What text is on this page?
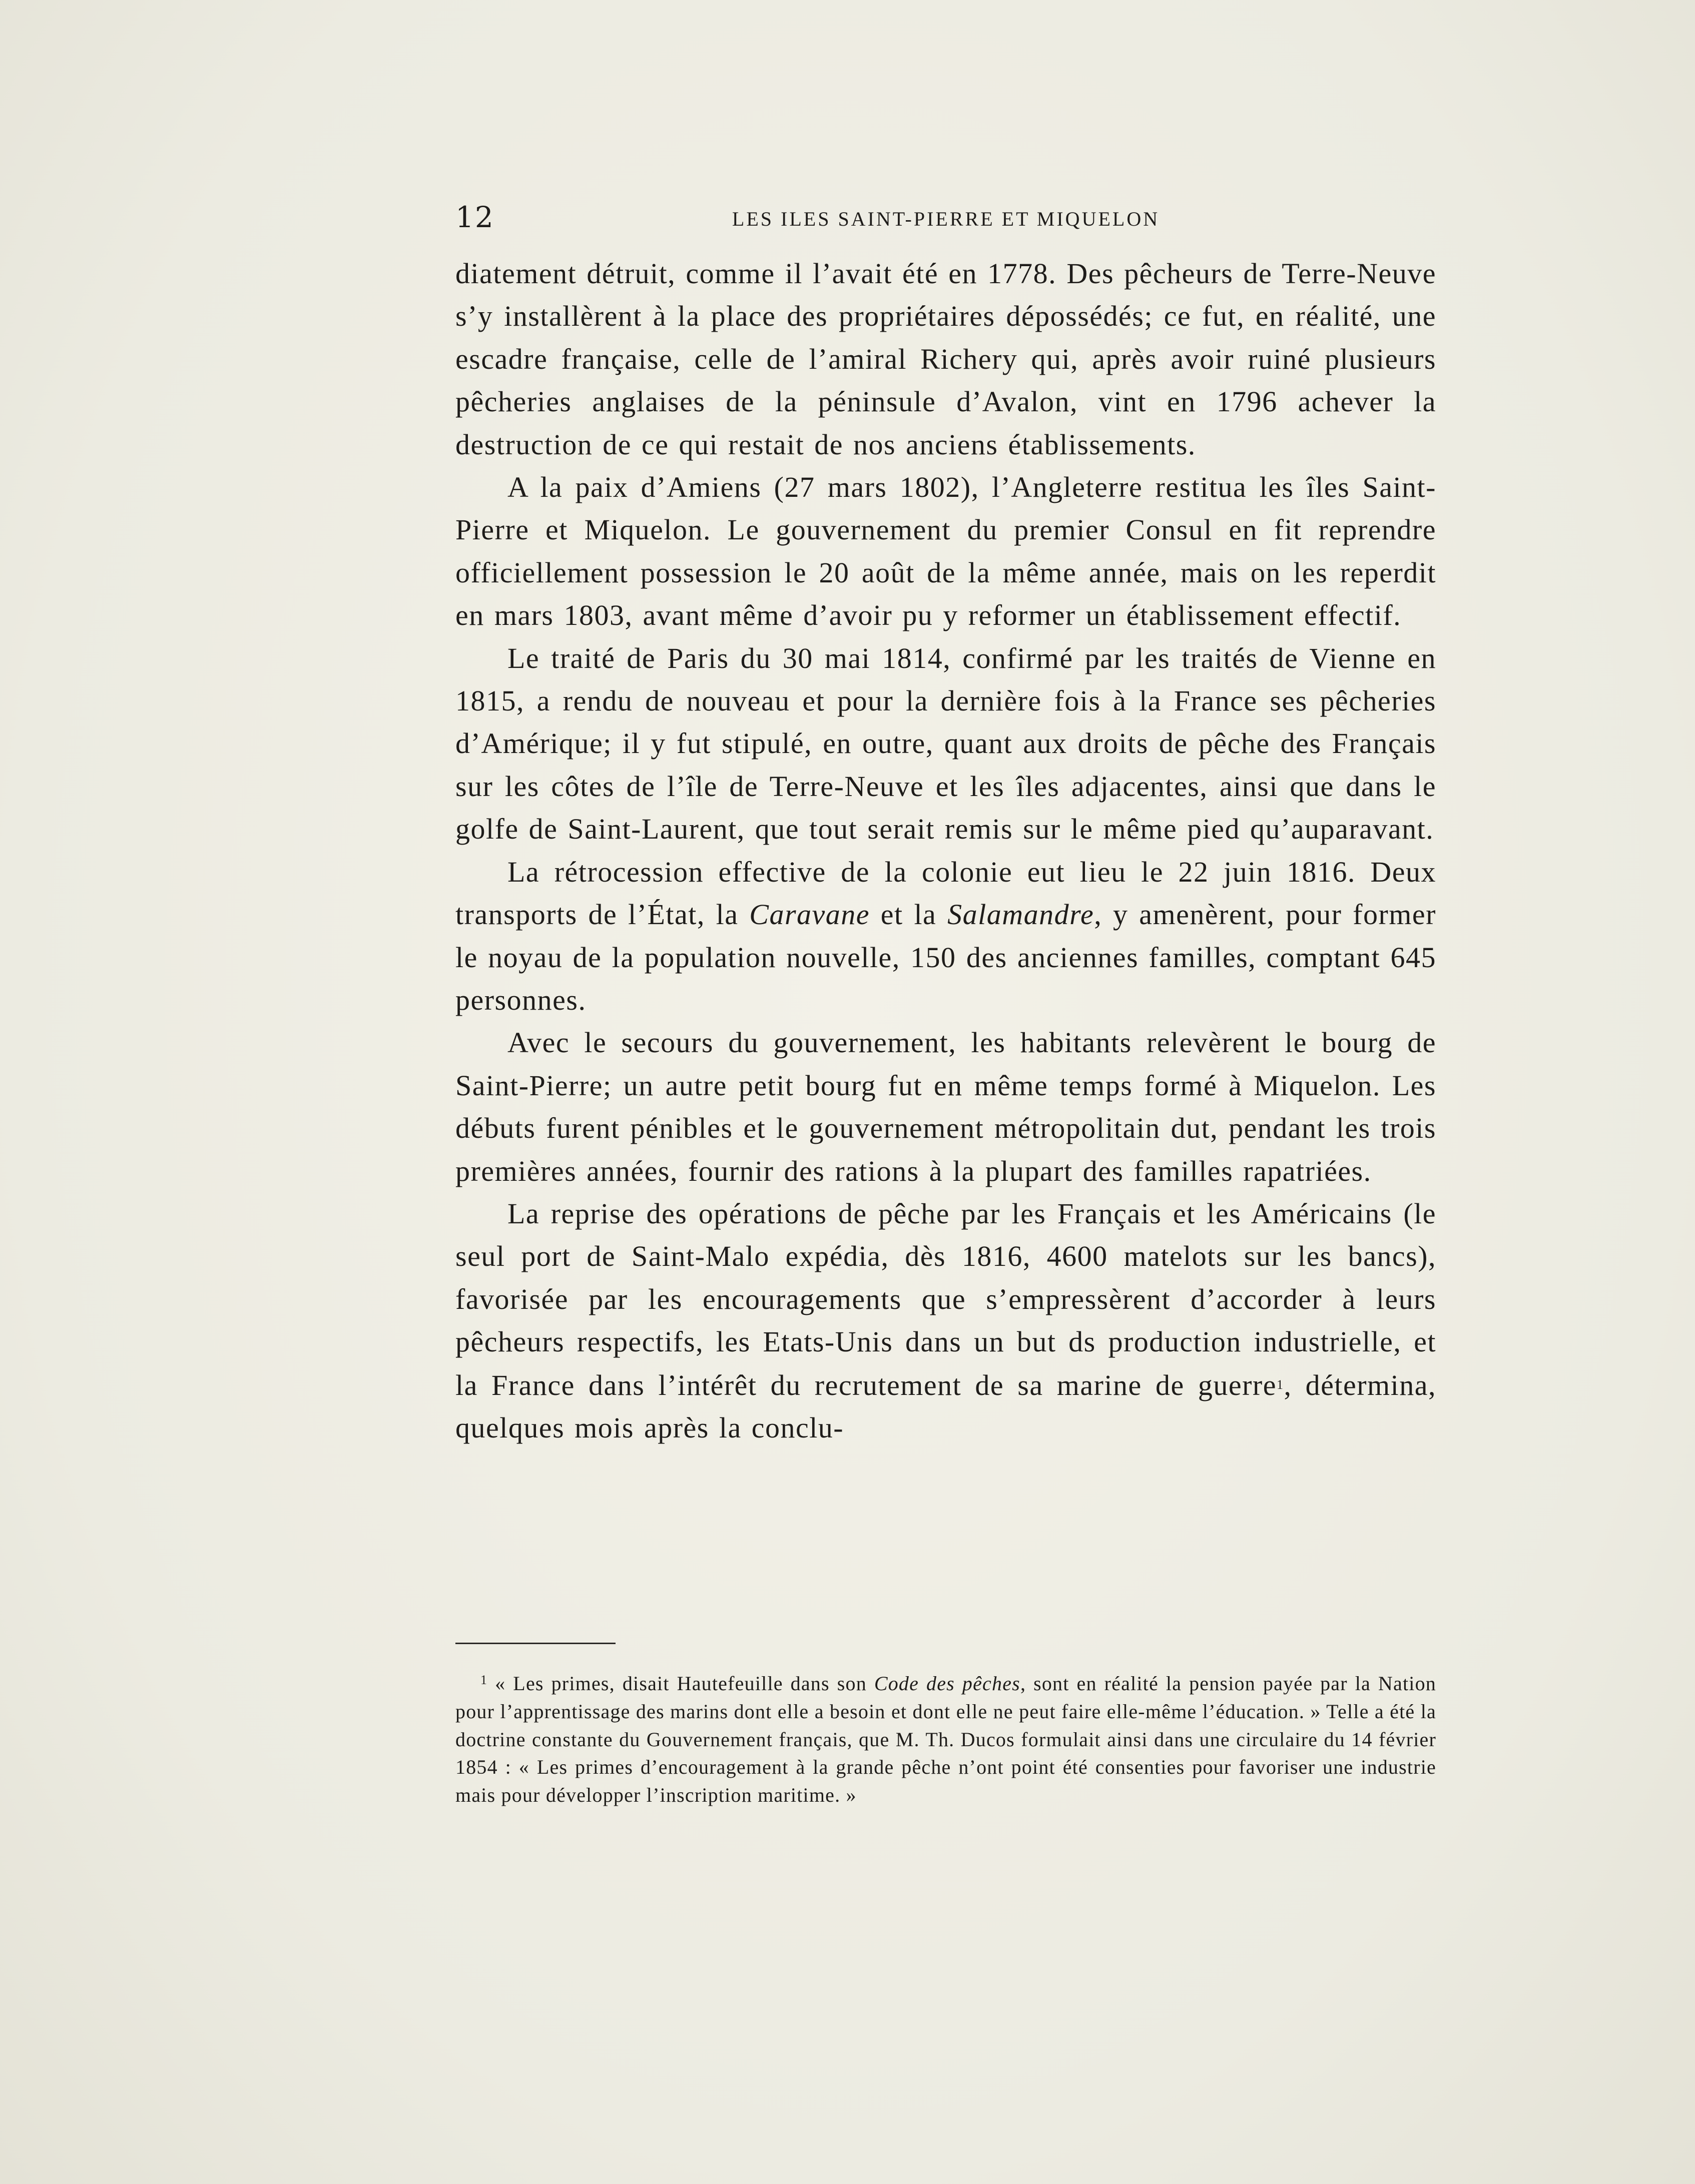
12	LES ILES SAINT-PIERRE ET MIQUELON

diatement détruit, comme il l’avait été en 1778. Des pêcheurs de Terre-Neuve s’y installèrent à la place des propriétaires dépossédés; ce fut, en réalité, une escadre française, celle de l’amiral Richery qui, après avoir ruiné plusieurs pêcheries anglaises de la péninsule d’Avalon, vint en 1796 achever la destruction de ce qui restait de nos anciens établissements.

A la paix d’Amiens (27 mars 1802), l’Angleterre restitua les îles Saint-Pierre et Miquelon. Le gouvernement du premier Consul en fit reprendre officiellement possession le 20 août de la même année, mais on les reperdit en mars 1803, avant même d’avoir pu y reformer un établissement effectif.

Le traité de Paris du 30 mai 1814, confirmé par les traités de Vienne en 1815, a rendu de nouveau et pour la dernière fois à la France ses pêcheries d’Amérique; il y fut stipulé, en outre, quant aux droits de pêche des Français sur les côtes de l’île de Terre-Neuve et les îles adjacentes, ainsi que dans le golfe de Saint-Laurent, que tout serait remis sur le même pied qu’auparavant.

La rétrocession effective de la colonie eut lieu le 22 juin 1816. Deux transports de l’État, la Caravane et la Salamandre, y amenèrent, pour former le noyau de la population nouvelle, 150 des anciennes familles, comptant 645 personnes.

Avec le secours du gouvernement, les habitants relevèrent le bourg de Saint-Pierre; un autre petit bourg fut en même temps formé à Miquelon. Les débuts furent pénibles et le gouvernement métropolitain dut, pendant les trois premières années, fournir des rations à la plupart des familles rapatriées.

La reprise des opérations de pêche par les Français et les Américains (le seul port de Saint-Malo expédia, dès 1816, 4600 matelots sur les bancs), favorisée par les encouragements que s’empressèrent d’accorder à leurs pêcheurs respectifs, les Etats-Unis dans un but ds production industrielle, et la France dans l’intérêt du recrutement de sa marine de guerre$^1$, détermina, quelques mois après la conclu-

$^1$ « Les primes, disait Hautefeuille dans son Code des pêches, sont en réalité la pension payée par la Nation pour l’apprentissage des marins dont elle a besoin et dont elle ne peut faire elle-même l’éducation. » Telle a été la doctrine constante du Gouvernement français, que M. Th. Ducos formulait ainsi dans une circulaire du 14 février 1854 : « Les primes d’encouragement à la grande pêche n’ont point été consenties pour favoriser une industrie mais pour développer l’inscription maritime. »
